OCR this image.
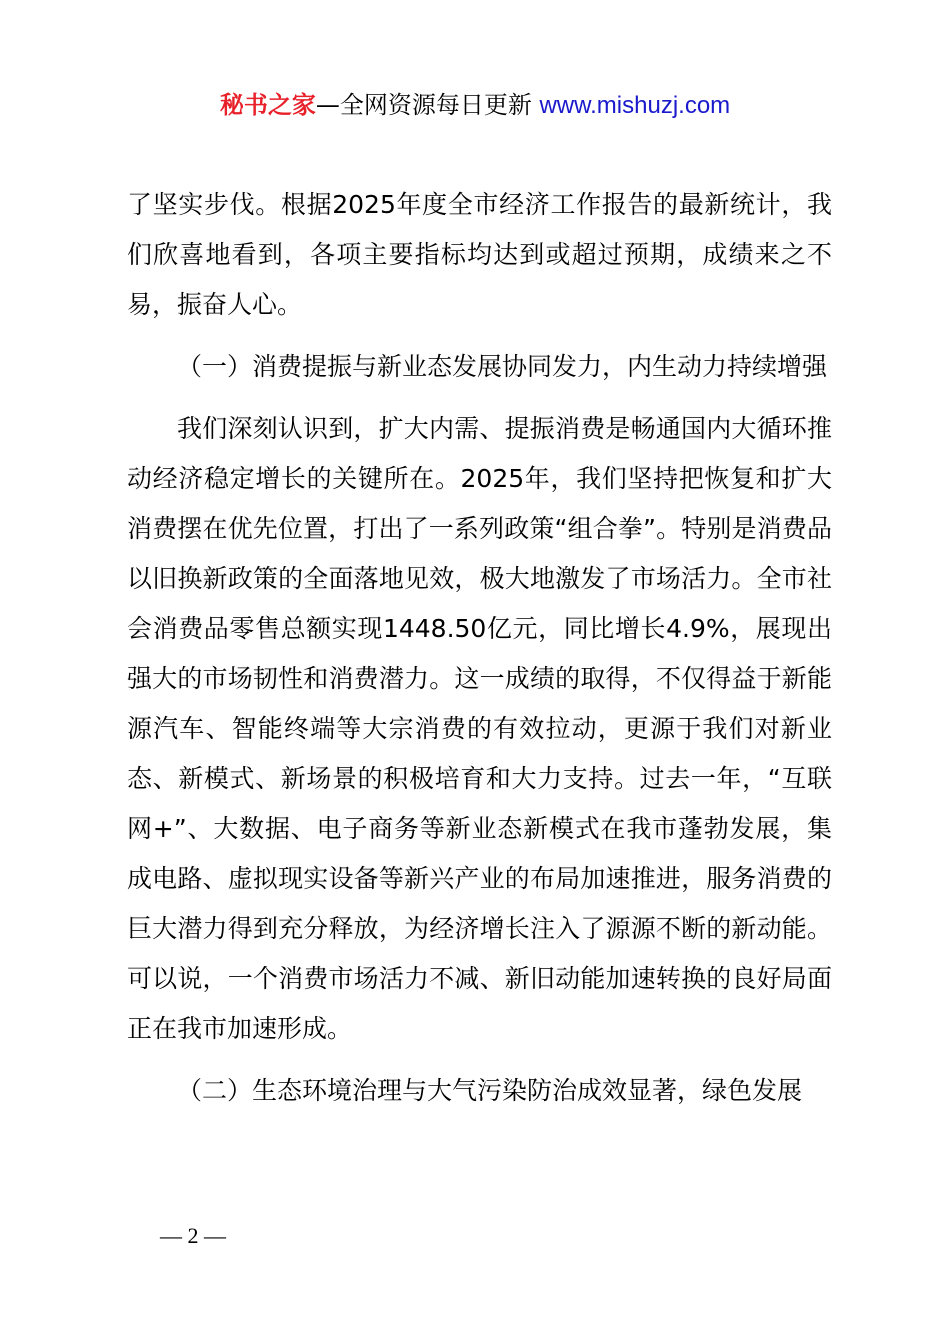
秘书之家—全网资源每日更新 www.mishuzj.com

了坚实步伐。根据2025年度全市经济工作报告的最新统计，我们欣喜地看到，各项主要指标均达到或超过预期，成绩来之不易，振奋人心。

（一）消费提振与新业态发展协同发力，内生动力持续增强

我们深刻认识到，扩大内需、提振消费是畅通国内大循环推动经济稳定增长的关键所在。2025年，我们坚持把恢复和扩大消费摆在优先位置，打出了一系列政策“组合拳”。特别是消费品以旧换新政策的全面落地见效，极大地激发了市场活力。全市社会消费品零售总额实现1448.50亿元，同比增长4.9%，展现出强大的市场韧性和消费潜力。这一成绩的取得，不仅得益于新能源汽车、智能终端等大宗消费的有效拉动，更源于我们对新业态、新模式、新场景的积极培育和大力支持。过去一年，“互联网+”、大数据、电子商务等新业态新模式在我市蓬勃发展，集成电路、虚拟现实设备等新兴产业的布局加速推进，服务消费的巨大潜力得到充分释放，为经济增长注入了源源不断的新动能。可以说，一个消费市场活力不减、新旧动能加速转换的良好局面正在我市加速形成。

（二）生态环境治理与大气污染防治成效显著，绿色发展

— 2 —
